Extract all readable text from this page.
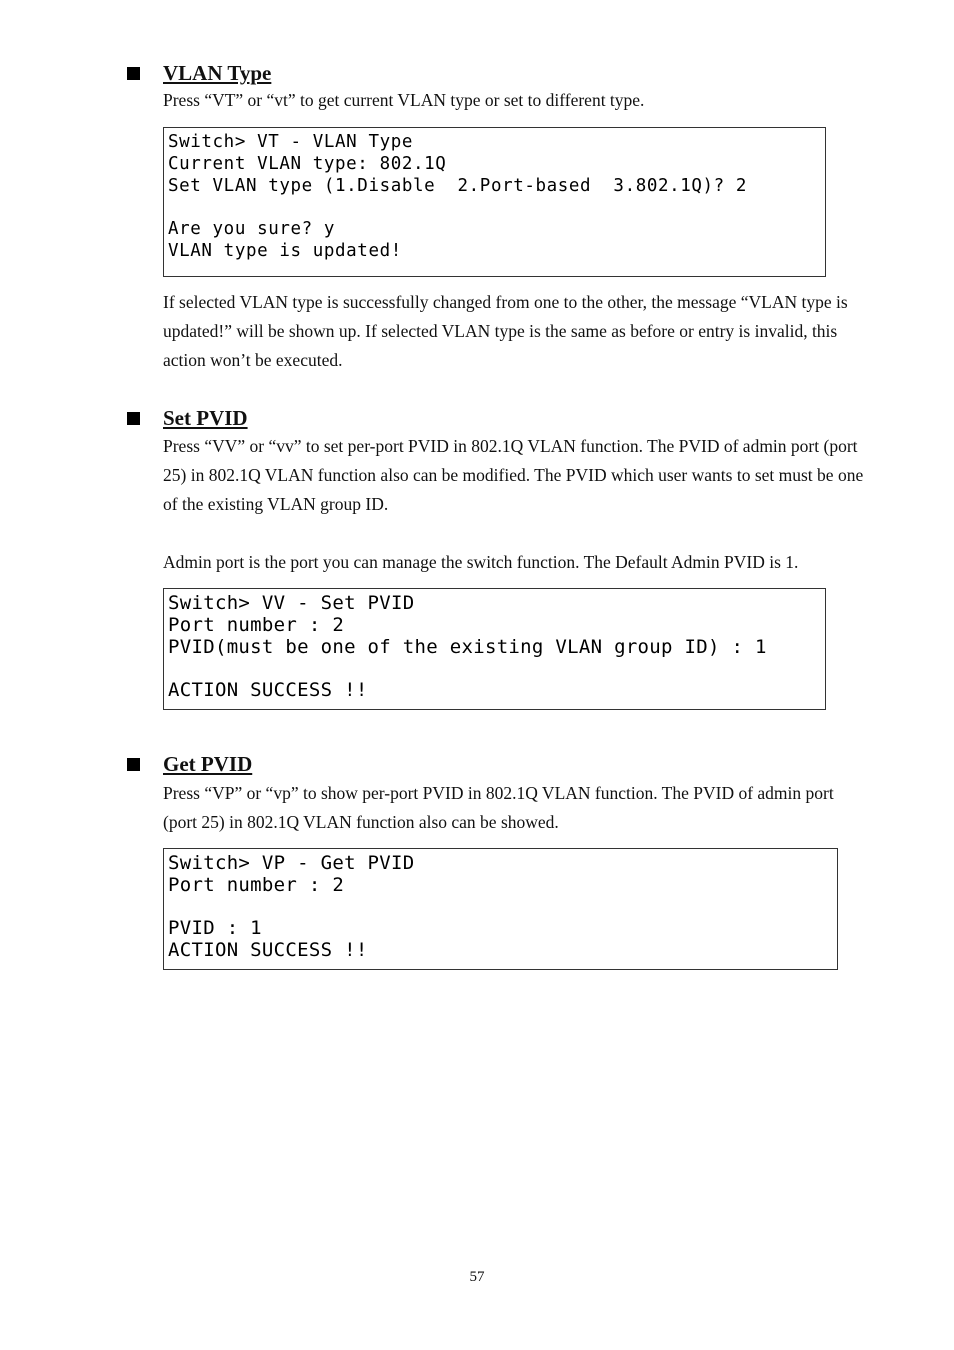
VLAN Type

Press “VT” or “vt” to get current VLAN type or set to different type.

Switch> VT - VLAN Type
Current VLAN type: 802.1Q
Set VLAN type (1.Disable  2.Port-based  3.802.1Q)? 2
Are you sure? y
VLAN type is updated!

If selected VLAN type is successfully changed from one to the other, the message “VLAN type is updated!” will be shown up. If selected VLAN type is the same as before or entry is invalid, this action won’t be executed.

Set PVID

Press “VV” or “vv” to set per-port PVID in 802.1Q VLAN function. The PVID of admin port (port 25) in 802.1Q VLAN function also can be modified. The PVID which user wants to set must be one of the existing VLAN group ID.

Admin port is the port you can manage the switch function. The Default Admin PVID is 1.

Switch> VV - Set PVID
Port number : 2
PVID(must be one of the existing VLAN group ID) : 1
ACTION SUCCESS !!
Get PVID

Press “VP” or “vp” to show per-port PVID in 802.1Q VLAN function. The PVID of admin port (port 25) in 802.1Q VLAN function also can be showed.

Switch> VP - Get PVID
Port number : 2
PVID : 1
ACTION SUCCESS !!
57
